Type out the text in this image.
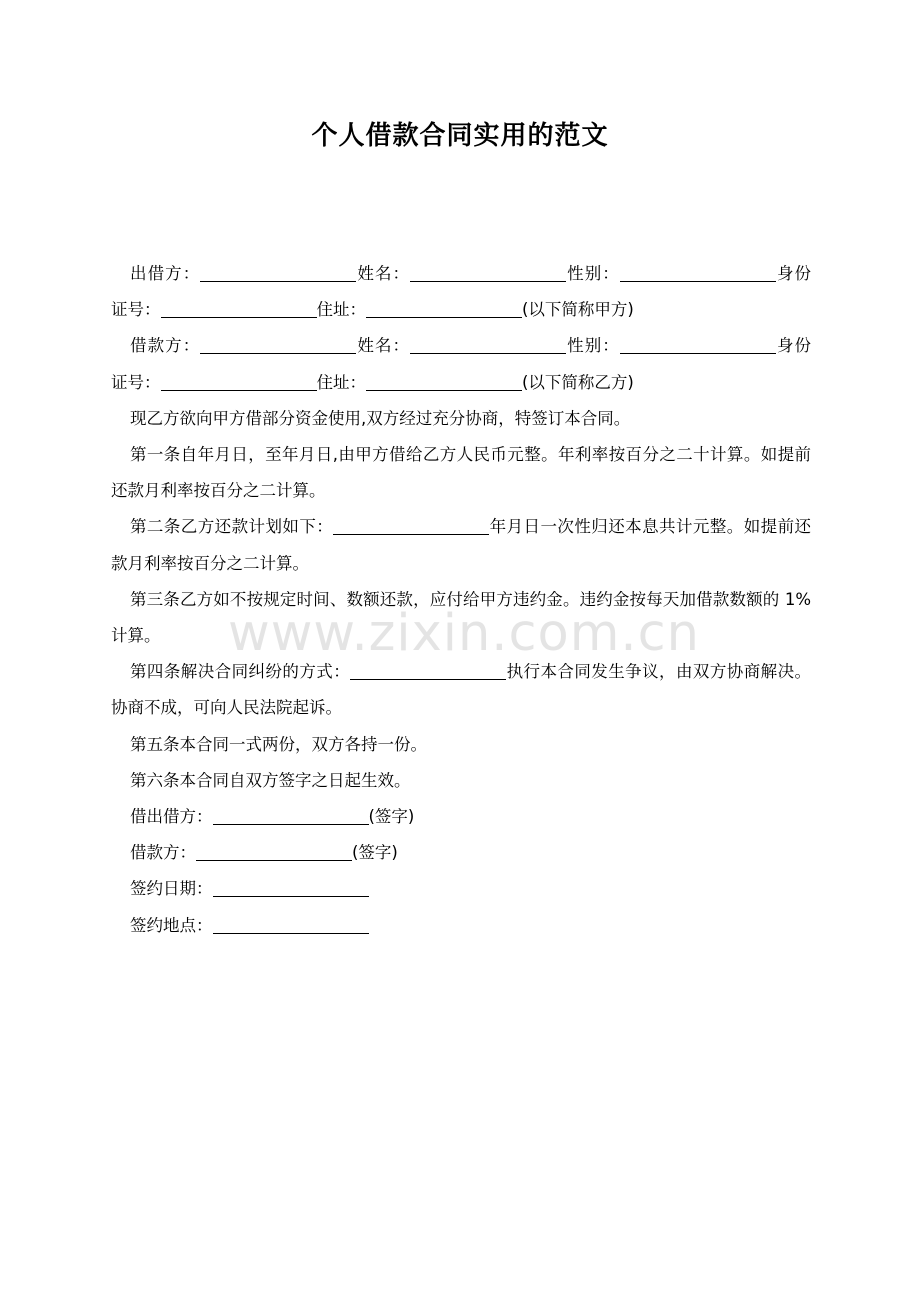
个人借款合同实用的范文

出借方：	姓名：	性别：	身份证号：	住址：	(以下简称甲方)

借款方：	姓名：	性别：	身份证号：	住址：	(以下简称乙方)

现乙方欲向甲方借部分资金使用,双方经过充分协商，特签订本合同。

第一条自年月日，至年月日,由甲方借给乙方人民币元整。年利率按百分之二十计算。如提前还款月利率按百分之二计算。

第二条乙方还款计划如下：	年月日一次性归还本息共计元整。如提前还款月利率按百分之二计算。

第三条乙方如不按规定时间、数额还款，应付给甲方违约金。违约金按每天加借款数额的 1%计算。

第四条解决合同纠纷的方式：	执行本合同发生争议，由双方协商解决。协商不成，可向人民法院起诉。

第五条本合同一式两份，双方各持一份。

第六条本合同自双方签字之日起生效。

借出借方：	(签字)

借款方：	(签字)

签约日期：

签约地点：

www.zixin.com.cn
